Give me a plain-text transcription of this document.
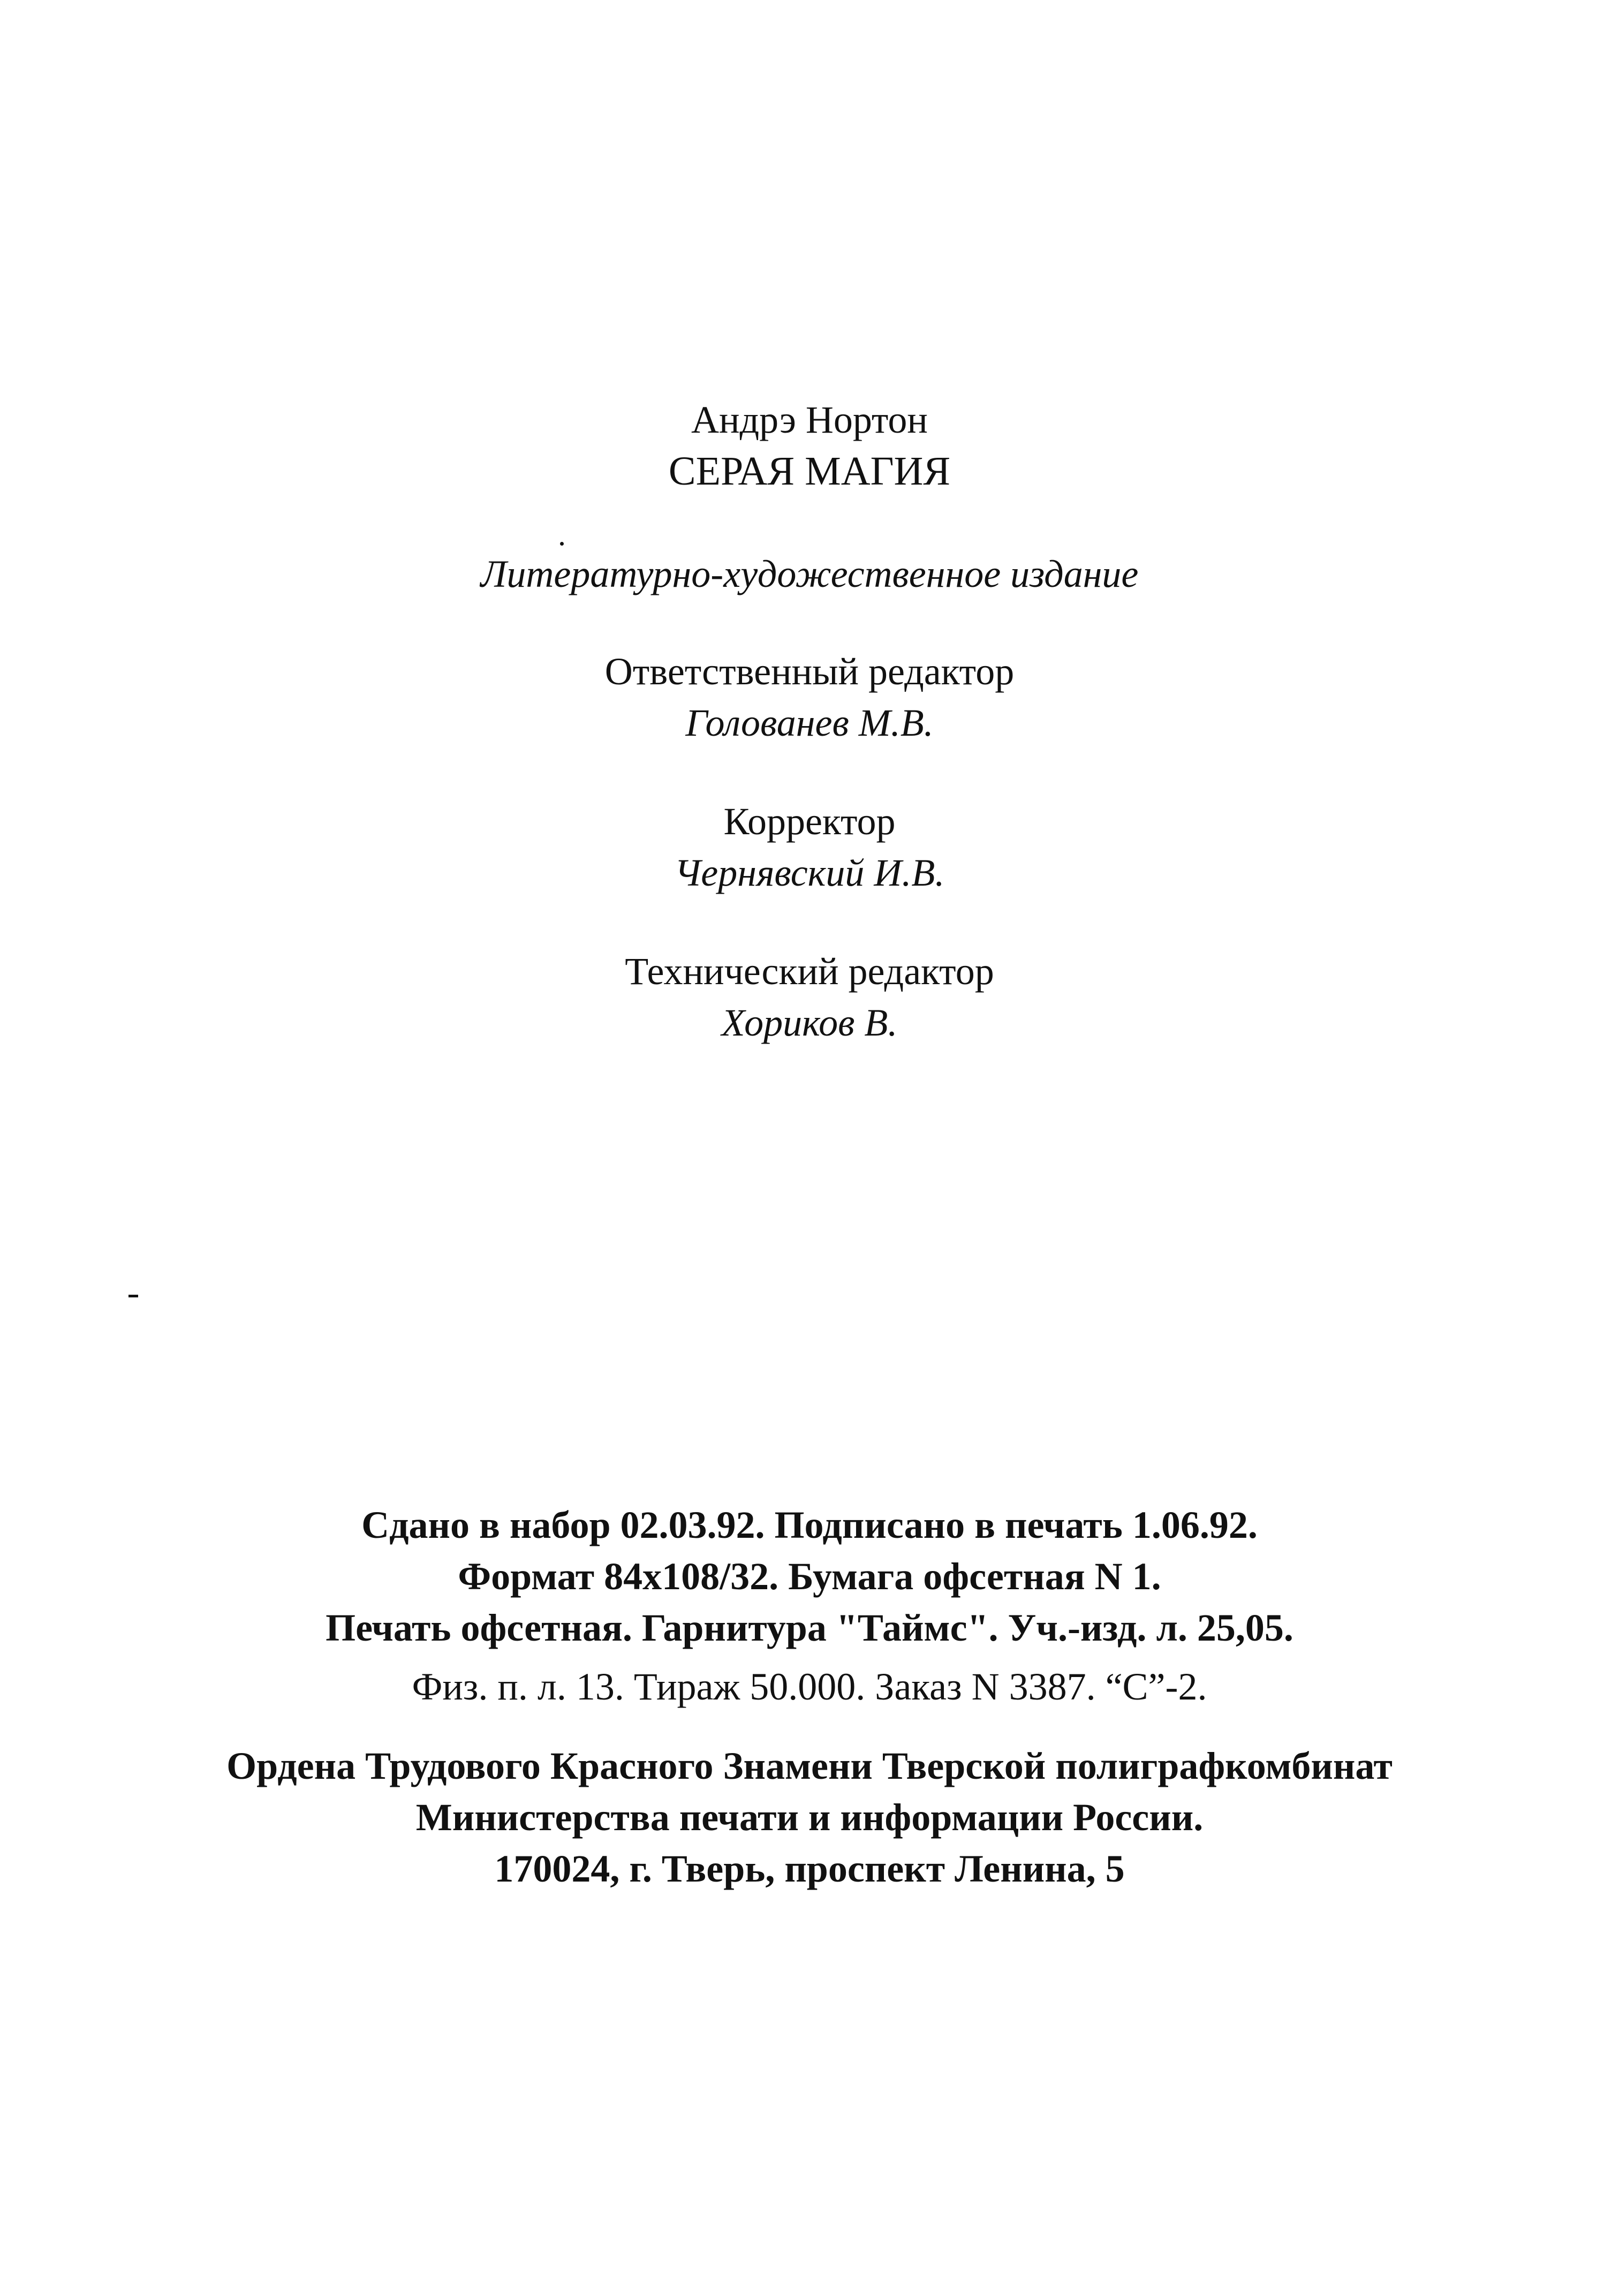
Андрэ Нортон
СЕРАЯ МАГИЯ
Литературно-художественное издание
Ответственный редактор
Голованев М.В.
Корректор
Чернявский И.В.
Технический редактор
Хориков В.
Сдано в набор 02.03.92. Подписано в печать 1.06.92.
Формат 84x108/32. Бумага офсетная N 1.
Печать офсетная. Гарнитура "Таймс". Уч.-изд. л. 25,05.
Физ. п. л. 13. Тираж 50.000. Заказ N 3387. “С”-2.
Ордена Трудового Красного Знамени Тверской полиграфкомбинат
Министерства печати и информации России.
170024, г. Тверь, проспект Ленина, 5
